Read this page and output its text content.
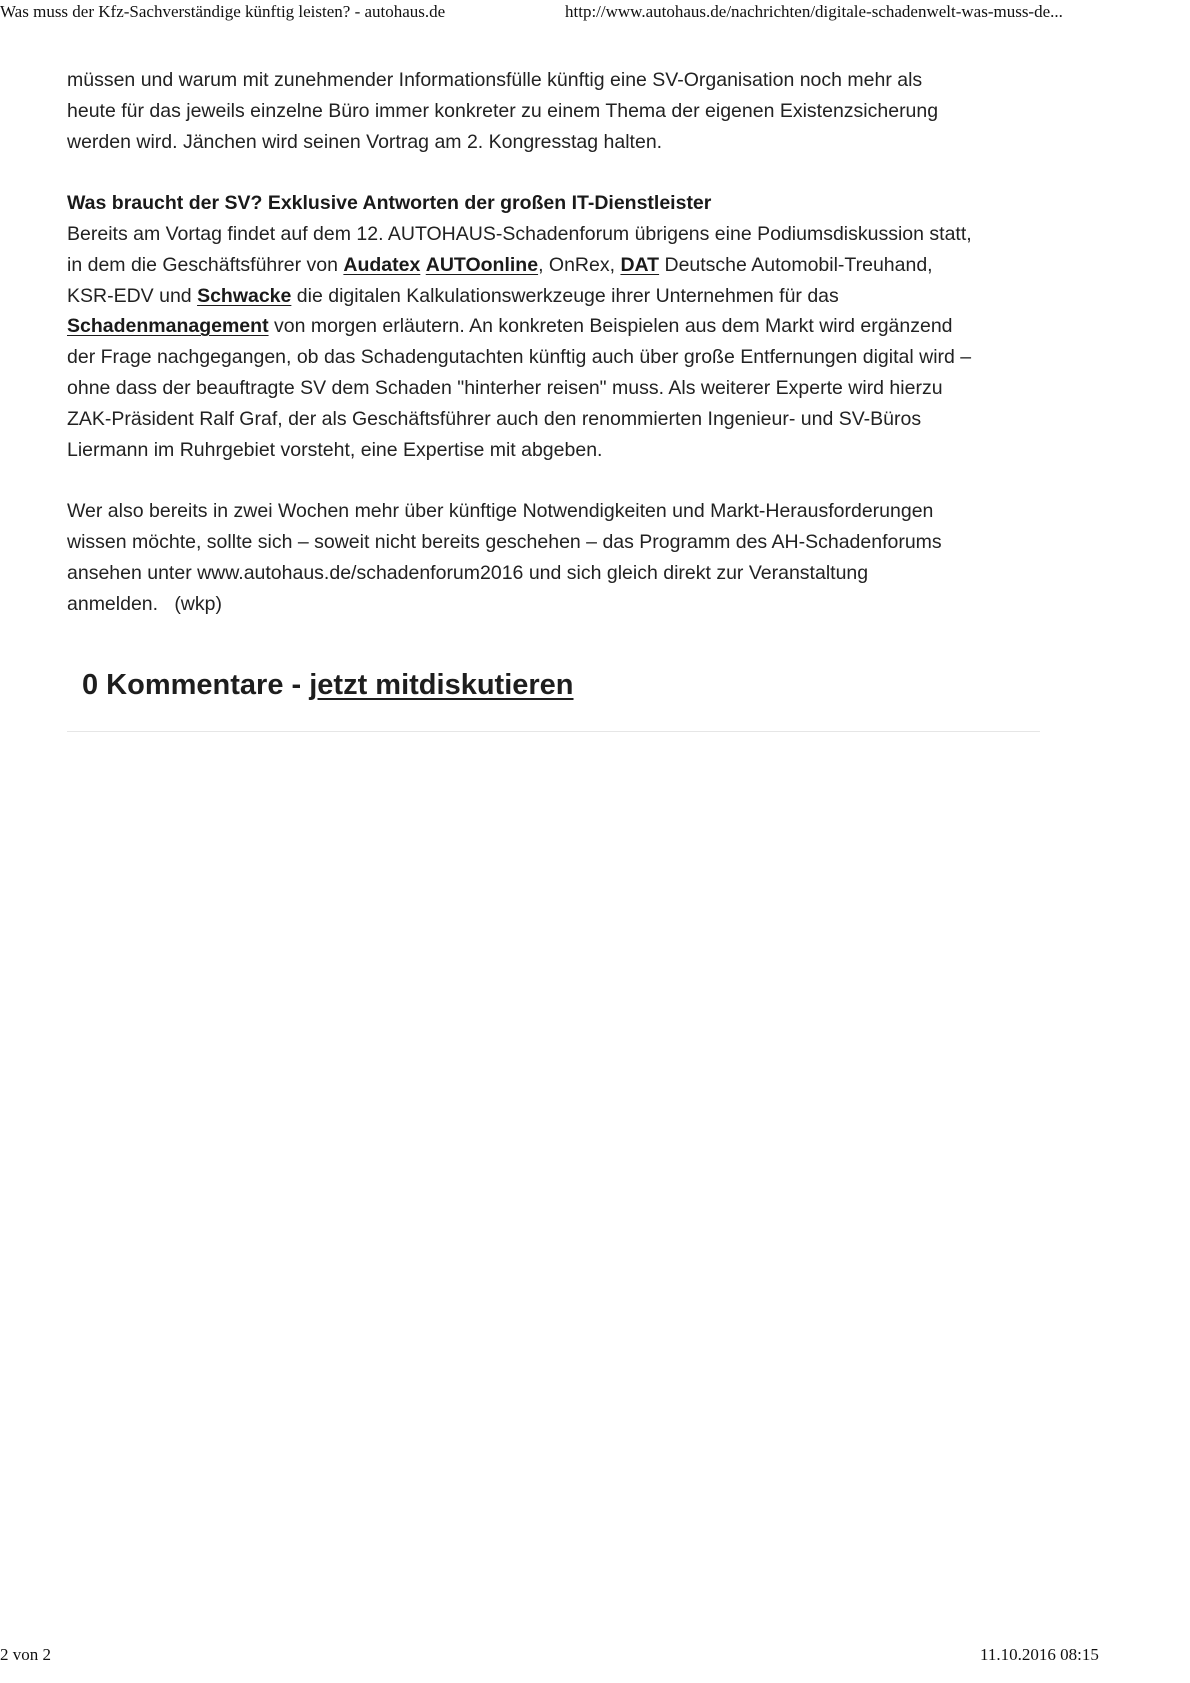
Was muss der Kfz-Sachverständige künftig leisten? - autohaus.de	http://www.autohaus.de/nachrichten/digitale-schadenwelt-was-muss-de...
müssen und warum mit zunehmender Informationsfülle künftig eine SV-Organisation noch mehr als
heute für das jeweils einzelne Büro immer konkreter zu einem Thema der eigenen Existenzsicherung
werden wird. Jänchen wird seinen Vortrag am 2. Kongresstag halten.
Was braucht der SV? Exklusive Antworten der großen IT-Dienstleister
Bereits am Vortag findet auf dem 12. AUTOHAUS-Schadenforum übrigens eine Podiumsdiskussion statt,
in dem die Geschäftsführer von Audatex AUTOonline, OnRex, DAT Deutsche Automobil-Treuhand,
KSR-EDV und Schwacke die digitalen Kalkulationswerkzeuge ihrer Unternehmen für das
Schadenmanagement von morgen erläutern. An konkreten Beispielen aus dem Markt wird ergänzend
der Frage nachgegangen, ob das Schadengutachten künftig auch über große Entfernungen digital wird –
ohne dass der beauftragte SV dem Schaden "hinterher reisen" muss. Als weiterer Experte wird hierzu
ZAK-Präsident Ralf Graf, der als Geschäftsführer auch den renommierten Ingenieur- und SV-Büros
Liermann im Ruhrgebiet vorsteht, eine Expertise mit abgeben.
Wer also bereits in zwei Wochen mehr über künftige Notwendigkeiten und Markt-Herausforderungen
wissen möchte, sollte sich – soweit nicht bereits geschehen – das Programm des AH-Schadenforums
ansehen unter www.autohaus.de/schadenforum2016 und sich gleich direkt zur Veranstaltung
anmelden.   (wkp)
0 Kommentare - jetzt mitdiskutieren
2 von 2	11.10.2016 08:15
